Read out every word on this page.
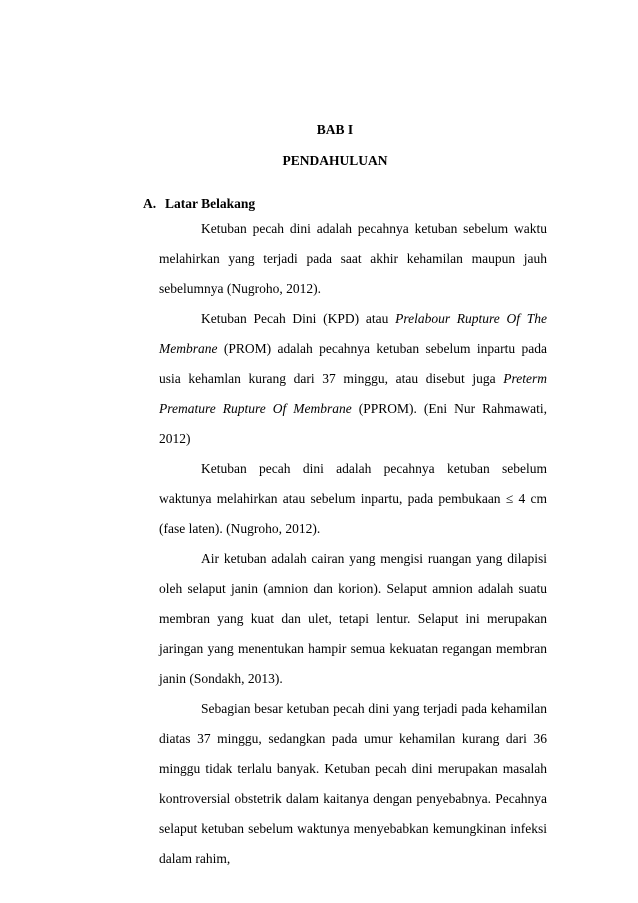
BAB I
PENDAHULUAN
A. Latar Belakang

Ketuban pecah dini adalah pecahnya ketuban sebelum waktu melahirkan yang terjadi pada saat akhir kehamilan maupun jauh sebelumnya (Nugroho, 2012).

Ketuban Pecah Dini (KPD) atau Prelabour Rupture Of The Membrane (PROM) adalah pecahnya ketuban sebelum inpartu pada usia kehamlan kurang dari 37 minggu, atau disebut juga Preterm Premature Rupture Of Membrane (PPROM). (Eni Nur Rahmawati, 2012)

Ketuban pecah dini adalah pecahnya ketuban sebelum waktunya melahirkan atau sebelum inpartu, pada pembukaan ≤ 4 cm (fase laten). (Nugroho, 2012).

Air ketuban adalah cairan yang mengisi ruangan yang dilapisi oleh selaput janin (amnion dan korion). Selaput amnion adalah suatu membran yang kuat dan ulet, tetapi lentur. Selaput ini merupakan jaringan yang menentukan hampir semua kekuatan regangan membran janin (Sondakh, 2013).

Sebagian besar ketuban pecah dini yang terjadi pada kehamilan diatas 37 minggu, sedangkan pada umur kehamilan kurang dari 36 minggu tidak terlalu banyak. Ketuban pecah dini merupakan masalah kontroversial obstetrik dalam kaitanya dengan penyebabnya. Pecahnya selaput ketuban sebelum waktunya menyebabkan kemungkinan infeksi dalam rahim,
